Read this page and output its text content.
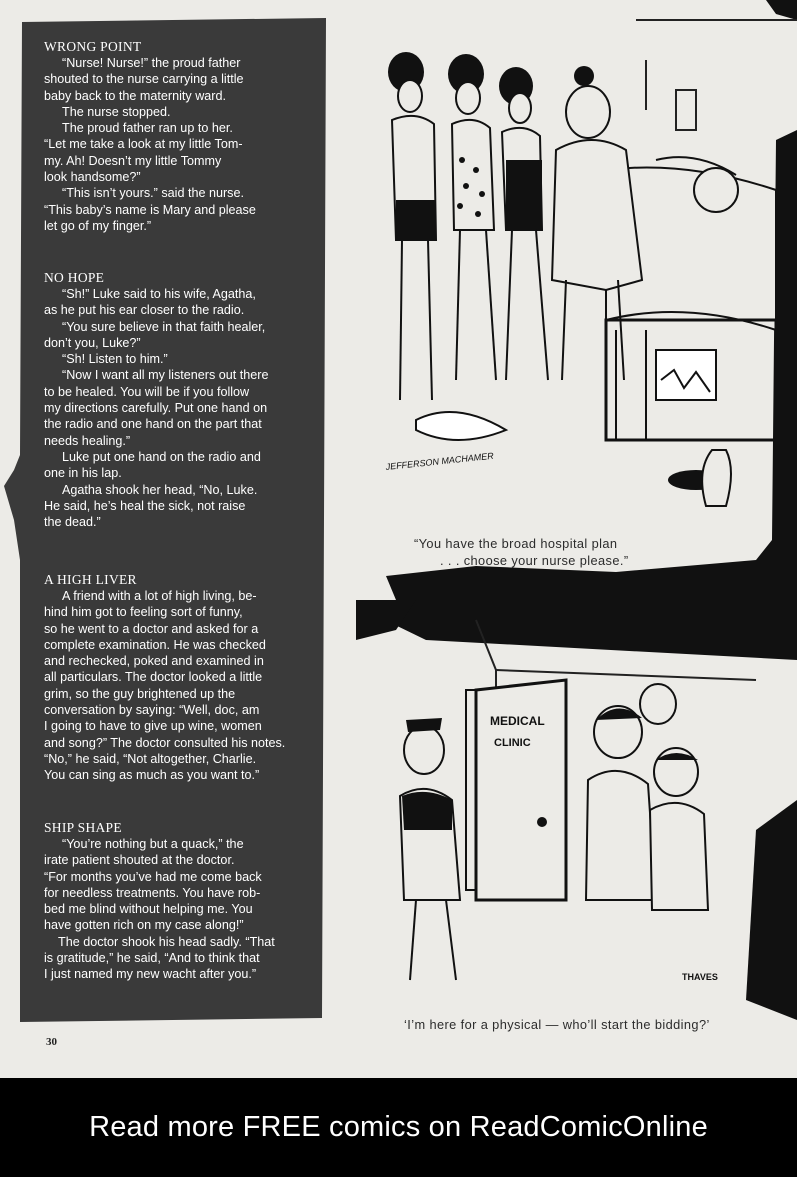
WRONG POINT
“Nurse! Nurse!” the proud father
shouted to the nurse carrying a little
baby back to the maternity ward.
The nurse stopped.
The proud father ran up to her.
“Let me take a look at my little Tom-
my. Ah! Doesn’t my little Tommy
look handsome?”
“This isn’t yours.” said the nurse.
“This baby’s name is Mary and please
let go of my finger.”
NO HOPE
“Sh!” Luke said to his wife, Agatha,
as he put his ear closer to the radio.
“You sure believe in that faith healer,
don’t you, Luke?”
“Sh! Listen to him.”
“Now I want all my listeners out there
to be healed. You will be if you follow
my directions carefully. Put one hand on
the radio and one hand on the part that
needs healing.”
Luke put one hand on the radio and
one in his lap.
Agatha shook her head, “No, Luke.
He said, he’s heal the sick, not raise
the dead.”
A HIGH LIVER
A friend with a lot of high living, be-
hind him got to feeling sort of funny,
so he went to a doctor and asked for a
complete examination. He was checked
and rechecked, poked and examined in
all particulars. The doctor looked a little
grim, so the guy brightened up the
conversation by saying: “Well, doc, am
I going to have to give up wine, women
and song?” The doctor consulted his notes.
“No,” he said, “Not altogether, Charlie.
You can sing as much as you want to.”
SHIP SHAPE
“You’re nothing but a quack,” the
irate patient shouted at the doctor.
“For months you’ve had me come back
for needless treatments. You have rob-
bed me blind without helping me. You
have gotten rich on my case along!”
The doctor shook his head sadly. “That
is gratitude,” he said, “And to think that
I just named my new wacht after you.”
30
JEFFERSON MACHAMER
“You have the broad hospital plan
. . . choose your nurse please.”
MEDICAL
CLINIC
THAVES
‘I’m here for a physical — who’ll start the bidding?’
Read more FREE comics on ReadComicOnline
